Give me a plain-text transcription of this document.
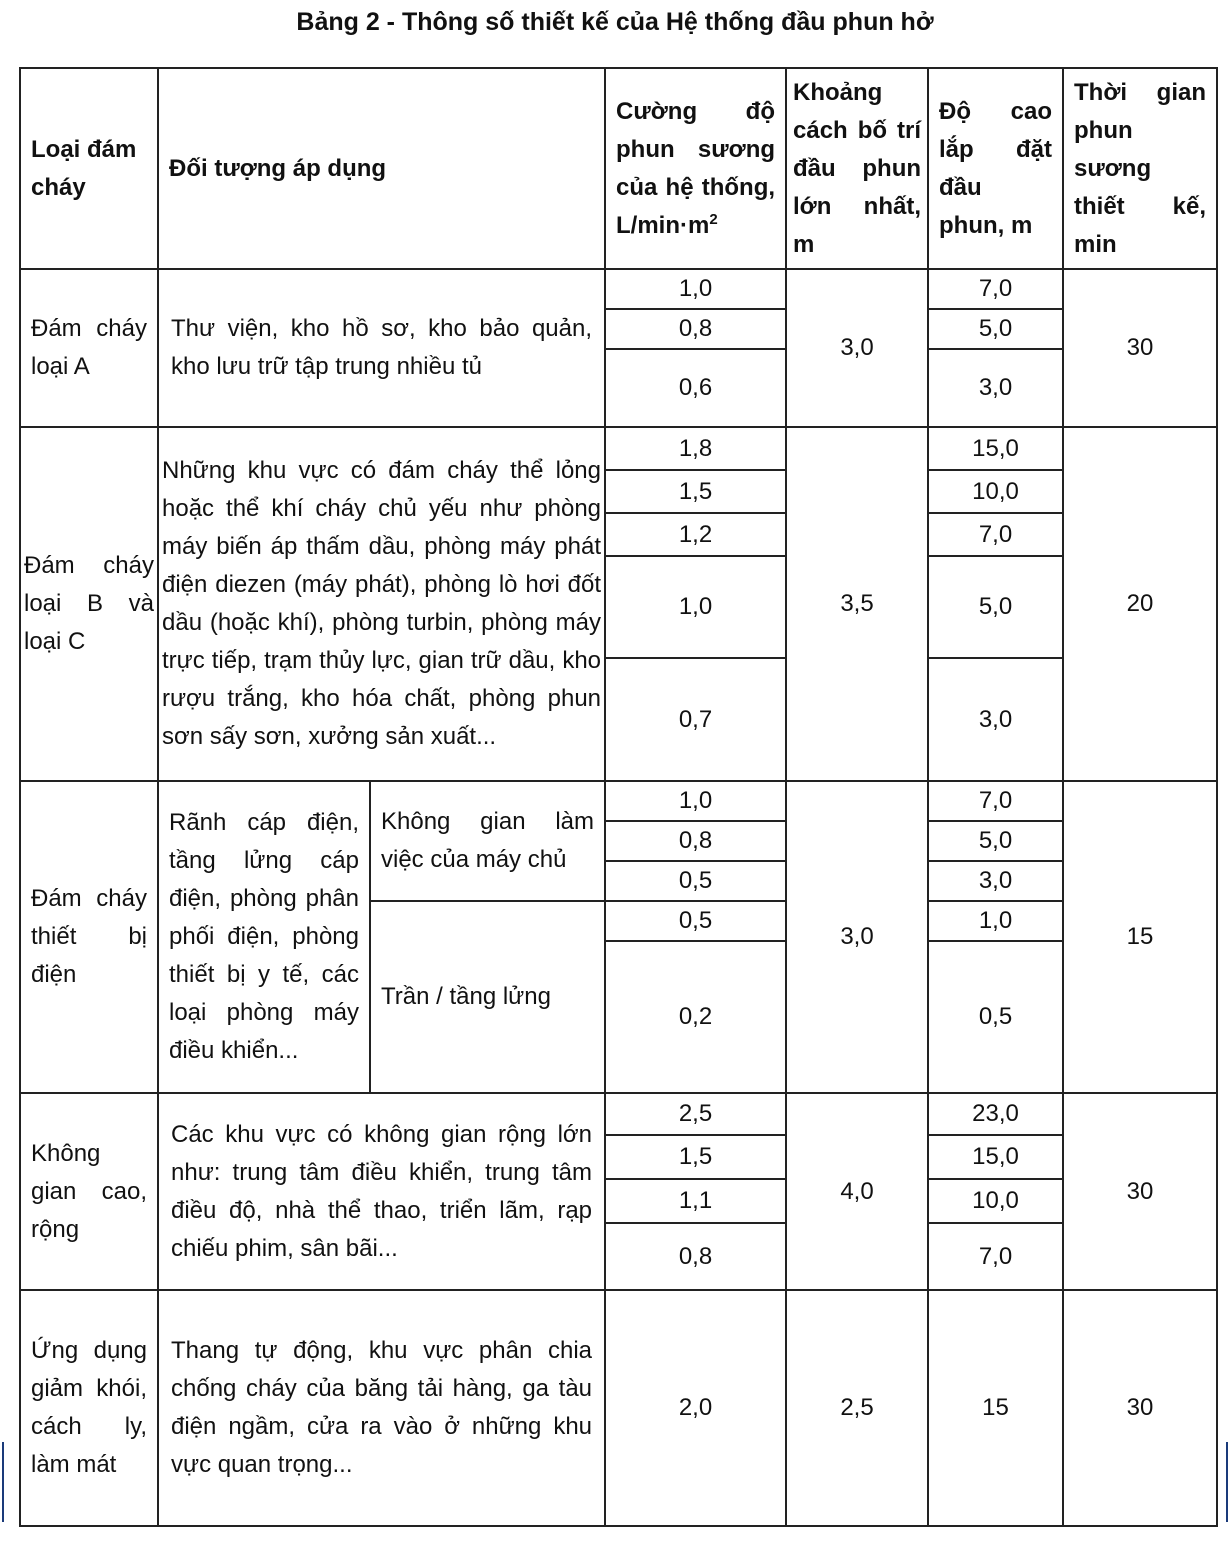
Bảng 2 - Thông số thiết kế của Hệ thống đầu phun hở
Loại đám cháy	Đối tượng áp dụng		Cường độ phun sương của hệ thống, $L/\min\cdot m^2$	Khoảng cách bố trí đầu phun lớn nhất, m	Độ cao lắp đặt đầu phun, m	Thời gian phun sương thiết kế, min
Đám cháy loại A	Thư viện, kho hồ sơ, kho bảo quản, kho lưu trữ tập trung nhiều tủ		1,0	3,0	7,0	30
			0,8		5,0	
			0,6		3,0	
Đám cháy loại B và loại C	Những khu vực có đám cháy thể lỏng hoặc thể khí cháy chủ yếu như phòng máy biến áp thấm dầu, phòng máy phát điện diezen (máy phát), phòng lò hơi đốt dầu (hoặc khí), phòng turbin, phòng máy trực tiếp, trạm thủy lực, gian trữ dầu, kho rượu trắng, kho hóa chất, phòng phun sơn sấy sơn, xưởng sản xuất...		1,8	3,5	15,0	20
			1,5		10,0	
			1,2		7,0	
			1,0		5,0	
			0,7		3,0	
Đám cháy thiết bị điện	Rãnh cáp điện, tầng lửng cáp điện, phòng phân phối điện, phòng thiết bị y tế, các loại phòng máy điều khiển...	Không gian làm việc của máy chủ	1,0	3,0	7,0	15
			0,8		5,0	
			0,5		3,0	
		Trần / tầng lửng	0,5		1,0	
			0,2		0,5	
Không gian cao, rộng	Các khu vực có không gian rộng lớn như: trung tâm điều khiển, trung tâm điều độ, nhà thể thao, triển lãm, rạp chiếu phim, sân bãi...		2,5	4,0	23,0	30
			1,5		15,0	
			1,1		10,0	
			0,8		7,0	
Ứng dụng giảm khói, cách ly, làm mát	Thang tự động, khu vực phân chia chống cháy của băng tải hàng, ga tàu điện ngầm, cửa ra vào ở những khu vực quan trọng...		2,0	2,5	15	30
